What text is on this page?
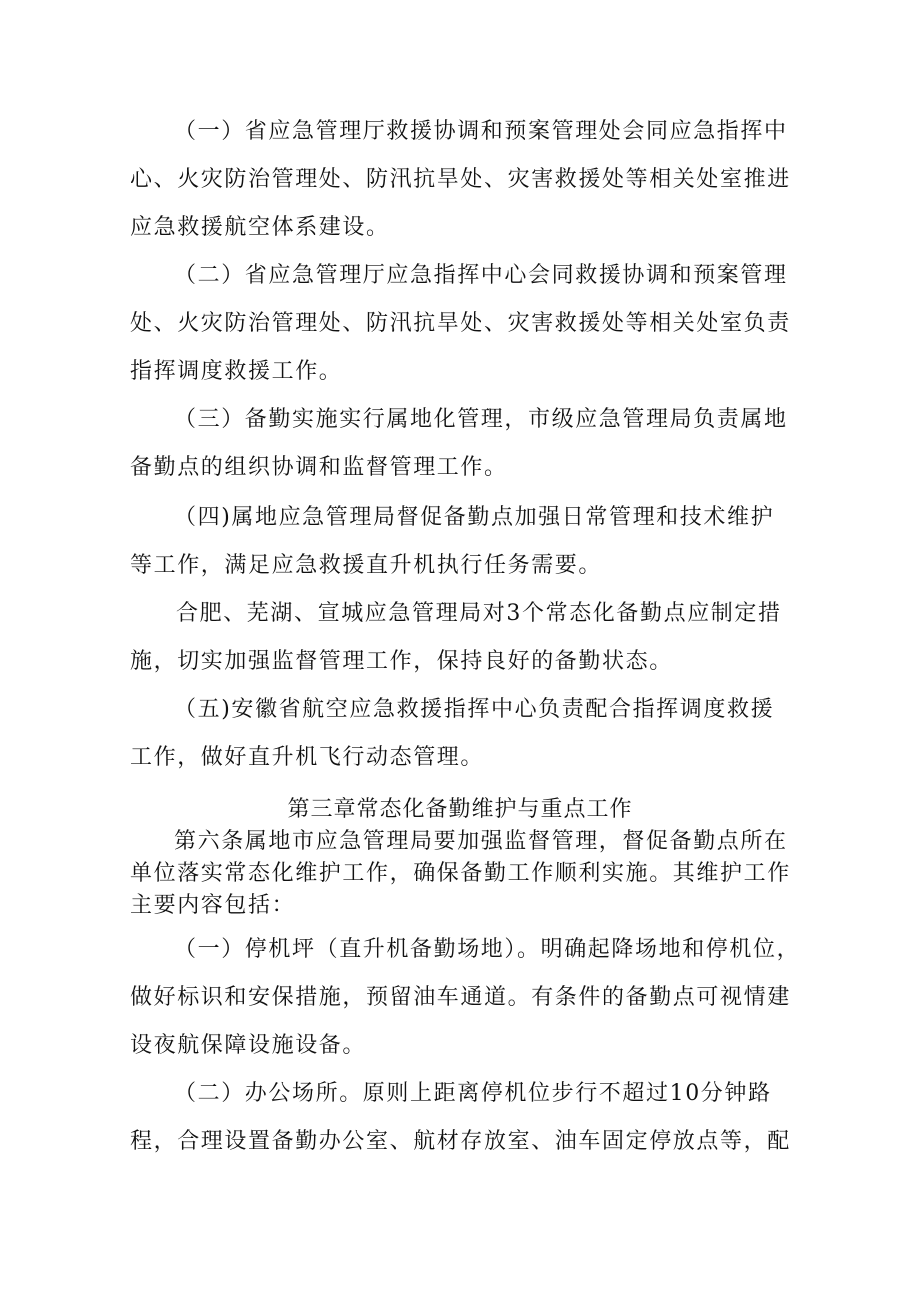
（一）省应急管理厅救援协调和预案管理处会同应急指挥中
心、火灾防治管理处、防汛抗旱处、灾害救援处等相关处室推进
应急救援航空体系建设。
（二）省应急管理厅应急指挥中心会同救援协调和预案管理
处、火灾防治管理处、防汛抗旱处、灾害救援处等相关处室负责
指挥调度救援工作。
（三）备勤实施实行属地化管理，市级应急管理局负责属地
备勤点的组织协调和监督管理工作。
（四)属地应急管理局督促备勤点加强日常管理和技术维护
等工作，满足应急救援直升机执行任务需要。
合肥、芜湖、宣城应急管理局对3个常态化备勤点应制定措
施，切实加强监督管理工作，保持良好的备勤状态。
（五)安徽省航空应急救援指挥中心负责配合指挥调度救援
工作，做好直升机飞行动态管理。
第三章常态化备勤维护与重点工作
第六条属地市应急管理局要加强监督管理，督促备勤点所在
单位落实常态化维护工作，确保备勤工作顺利实施。其维护工作
主要内容包括：
（一）停机坪（直升机备勤场地）。明确起降场地和停机位，
做好标识和安保措施，预留油车通道。有条件的备勤点可视情建
设夜航保障设施设备。
（二）办公场所。原则上距离停机位步行不超过10分钟路
程，合理设置备勤办公室、航材存放室、油车固定停放点等，配
